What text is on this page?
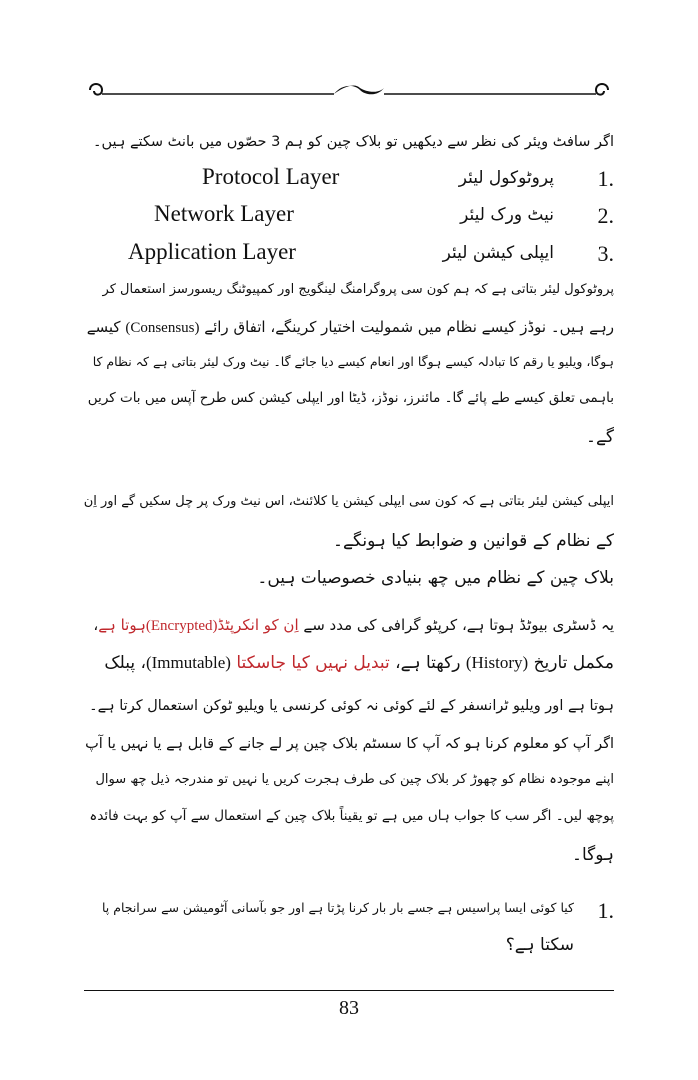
اگر سافٹ ویئر کی نظر سے دیکھیں تو بلاک چین کو ہم 3 حصّوں میں بانٹ سکتے ہیں۔
1.
پروٹوکول لیئر
Protocol Layer
2.
نیٹ ورک لیئر
Network Layer
3.
ایپلی کیشن لیئر
Application Layer
پروٹوکول لیئر بتاتی ہے کہ ہم کون سی پروگرامنگ لینگویج اور کمپیوٹنگ ریسورسز استعمال کر
رہے ہیں۔ نوڈز کیسے نظام میں شمولیت اختیار کرینگے، اتفاق رائے (Consensus) کیسے
ہوگا، ویلیو یا رقم کا تبادلہ کیسے ہوگا اور انعام کیسے دیا جائے گا۔ نیٹ ورک لیئر بتاتی ہے کہ نظام کا
باہمی تعلق کیسے طے پائے گا۔ مائنرز، نوڈز، ڈیٹا اور ایپلی کیشن کس طرح آپس میں بات کریں
گے۔
ایپلی کیشن لیئر بتاتی ہے کہ کون سی ایپلی کیشن یا کلائنٹ، اس نیٹ ورک پر چل سکیں گے اور اِن
کے نظام کے قوانین و ضوابط کیا ہونگے۔
بلاک چین کے نظام میں چھ بنیادی خصوصیات ہیں۔
یہ ڈسٹری بیوٹڈ ہوتا ہے، کرپٹو گرافی کی مدد سے اِن کو انکرپٹڈ(Encrypted)ہوتا ہے،
مکمل تاریخ (History) رکھتا ہے، تبدیل نہیں کیا جاسکتا (Immutable)، پبلک
ہوتا ہے اور ویلیو ٹرانسفر کے لئے کوئی نہ کوئی کرنسی یا ویلیو ٹوکن استعمال کرتا ہے۔
اگر آپ کو معلوم کرنا ہو کہ آپ کا سسٹم بلاک چین پر لے جانے کے قابل ہے یا نہیں یا آپ
اپنے موجودہ نظام کو چھوڑ کر بلاک چین کی طرف ہجرت کریں یا نہیں تو مندرجہ ذیل چھ سوال
پوچھ لیں۔ اگر سب کا جواب ہاں میں ہے تو یقیناً بلاک چین کے استعمال سے آپ کو بہت فائدہ
ہوگا۔
1.
کیا کوئی ایسا پراسیس ہے جسے بار بار کرنا پڑتا ہے اور جو بآسانی آٹومیشن سے سرانجام پا
سکتا ہے؟
83
